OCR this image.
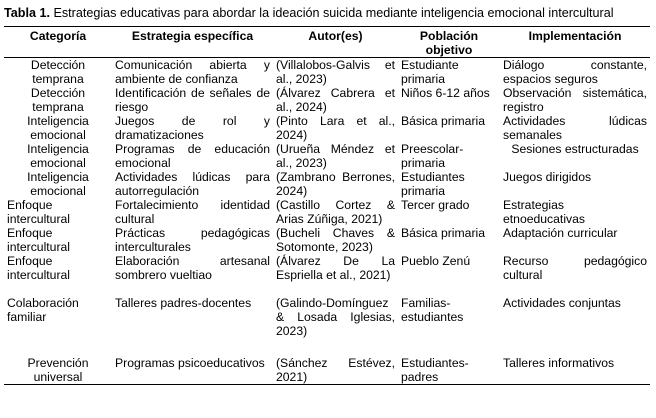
Tabla 1. Estrategias educativas para abordar la ideación suicida mediante inteligencia emocional intercultural
Categoría	Estrategia específica	Autor(es)	Población objetivo	Implementación
Detección temprana	Comunicación abierta y ambiente de confianza	(Villalobos-Galvis et al., 2023)	Estudiante primaria	Diálogo constante, espacios seguros
Detección temprana	Identificación de señales de riesgo	(Álvarez Cabrera et al., 2024)	Niños 6-12 años	Observación sistemática, registro
Inteligencia emocional	Juegos de rol y dramatizaciones	(Pinto Lara et al., 2024)	Básica primaria	Actividades lúdicas semanales
Inteligencia emocional	Programas de educación emocional	(Urueña Méndez et al., 2023)	Preescolar-primaria	Sesiones estructuradas
Inteligencia emocional	Actividades lúdicas para autorregulación	(Zambrano Berrones, 2024)	Estudiantes primaria	Juegos dirigidos
Enfoque intercultural	Fortalecimiento identidad cultural	(Castillo Cortez & Arias Zúñiga, 2021)	Tercer grado	Estrategias etnoeducativas
Enfoque intercultural	Prácticas pedagógicas interculturales	(Bucheli Chaves & Sotomonte, 2023)	Básica primaria	Adaptación curricular
Enfoque intercultural	Elaboración artesanal sombrero vueltiao	(Álvarez De La Espriella et al., 2021)	Pueblo Zenú	Recurso pedagógico cultural
Colaboración familiar	Talleres padres-docentes	(Galindo-Domínguez & Losada Iglesias, 2023)	Familias-estudiantes	Actividades conjuntas
Prevención universal	Programas psicoeducativos	(Sánchez Estévez, 2021)	Estudiantes-padres	Talleres informativos
